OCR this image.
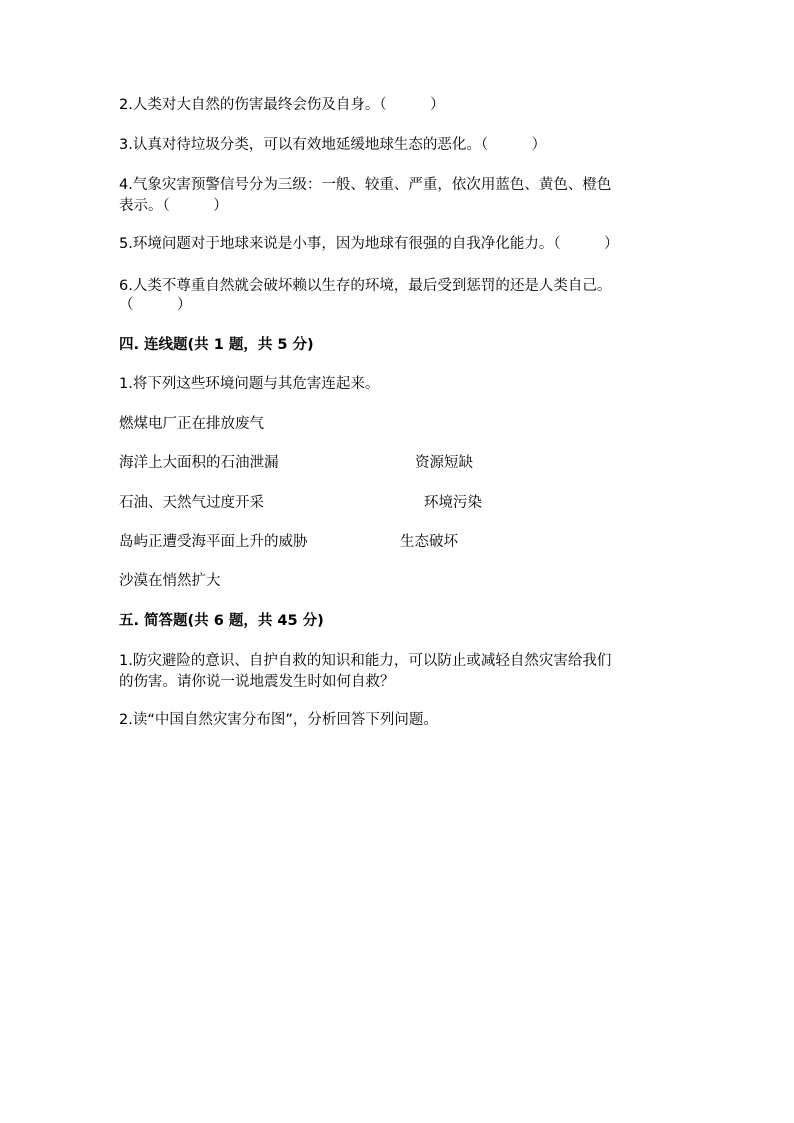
2.人类对大自然的伤害最终会伤及自身。（　　　）
3.认真对待垃圾分类，可以有效地延缓地球生态的恶化。（　　　）
4.气象灾害预警信号分为三级：一般、较重、严重，依次用蓝色、黄色、橙色
表示。（　　　）
5.环境问题对于地球来说是小事，因为地球有很强的自我净化能力。（　　　）
6.人类不尊重自然就会破坏赖以生存的环境，最后受到惩罚的还是人类自己。
（　　　）
四. 连线题(共 1 题，共 5 分)
1.将下列这些环境问题与其危害连起来。
燃煤电厂正在排放废气
海洋上大面积的石油泄漏	资源短缺
石油、天然气过度开采	环境污染
岛屿正遭受海平面上升的威胁	生态破坏
沙漠在悄然扩大
五. 简答题(共 6 题，共 45 分)
1.防灾避险的意识、自护自救的知识和能力，可以防止或减轻自然灾害给我们
的伤害。请你说一说地震发生时如何自救？
2.读“中国自然灾害分布图”，分析回答下列问题。
